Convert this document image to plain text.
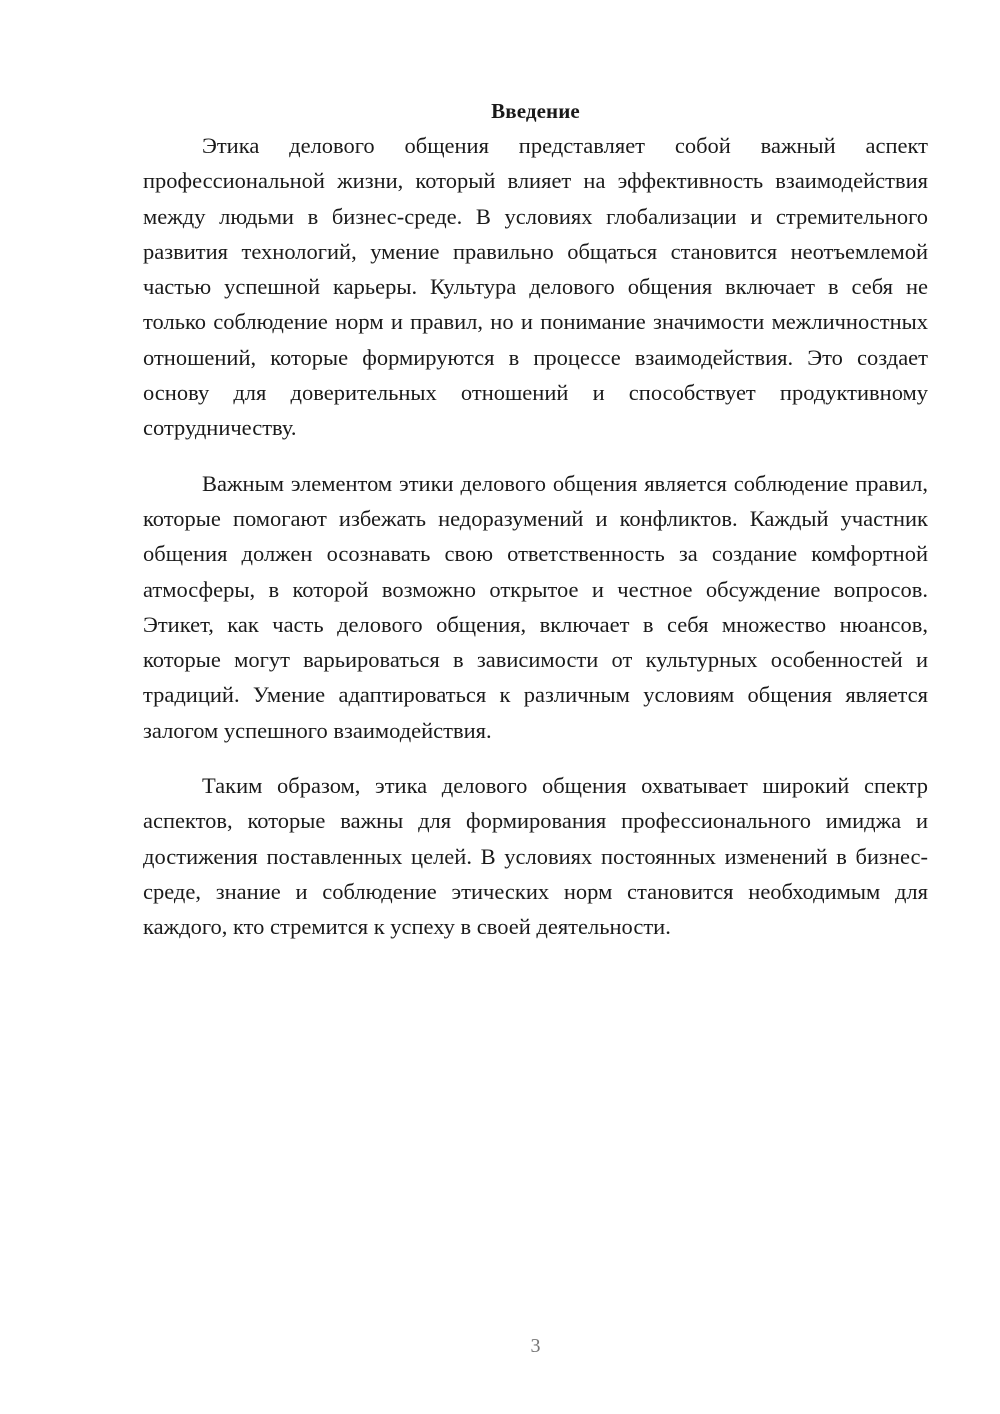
Введение

Этика делового общения представляет собой важный аспект профессиональной жизни, который влияет на эффективность взаимодействия между людьми в бизнес-среде. В условиях глобализации и стремительного развития технологий, умение правильно общаться становится неотъемлемой частью успешной карьеры. Культура делового общения включает в себя не только соблюдение норм и правил, но и понимание значимости межличностных отношений, которые формируются в процессе взаимодействия. Это создает основу для доверительных отношений и способствует продуктивному сотрудничеству.

Важным элементом этики делового общения является соблюдение правил, которые помогают избежать недоразумений и конфликтов. Каждый участник общения должен осознавать свою ответственность за создание комфортной атмосферы, в которой возможно открытое и честное обсуждение вопросов. Этикет, как часть делового общения, включает в себя множество нюансов, которые могут варьироваться в зависимости от культурных особенностей и традиций. Умение адаптироваться к различным условиям общения является залогом успешного взаимодействия.

Таким образом, этика делового общения охватывает широкий спектр аспектов, которые важны для формирования профессионального имиджа и достижения поставленных целей. В условиях постоянных изменений в бизнес-среде, знание и соблюдение этических норм становится необходимым для каждого, кто стремится к успеху в своей деятельности.

3
